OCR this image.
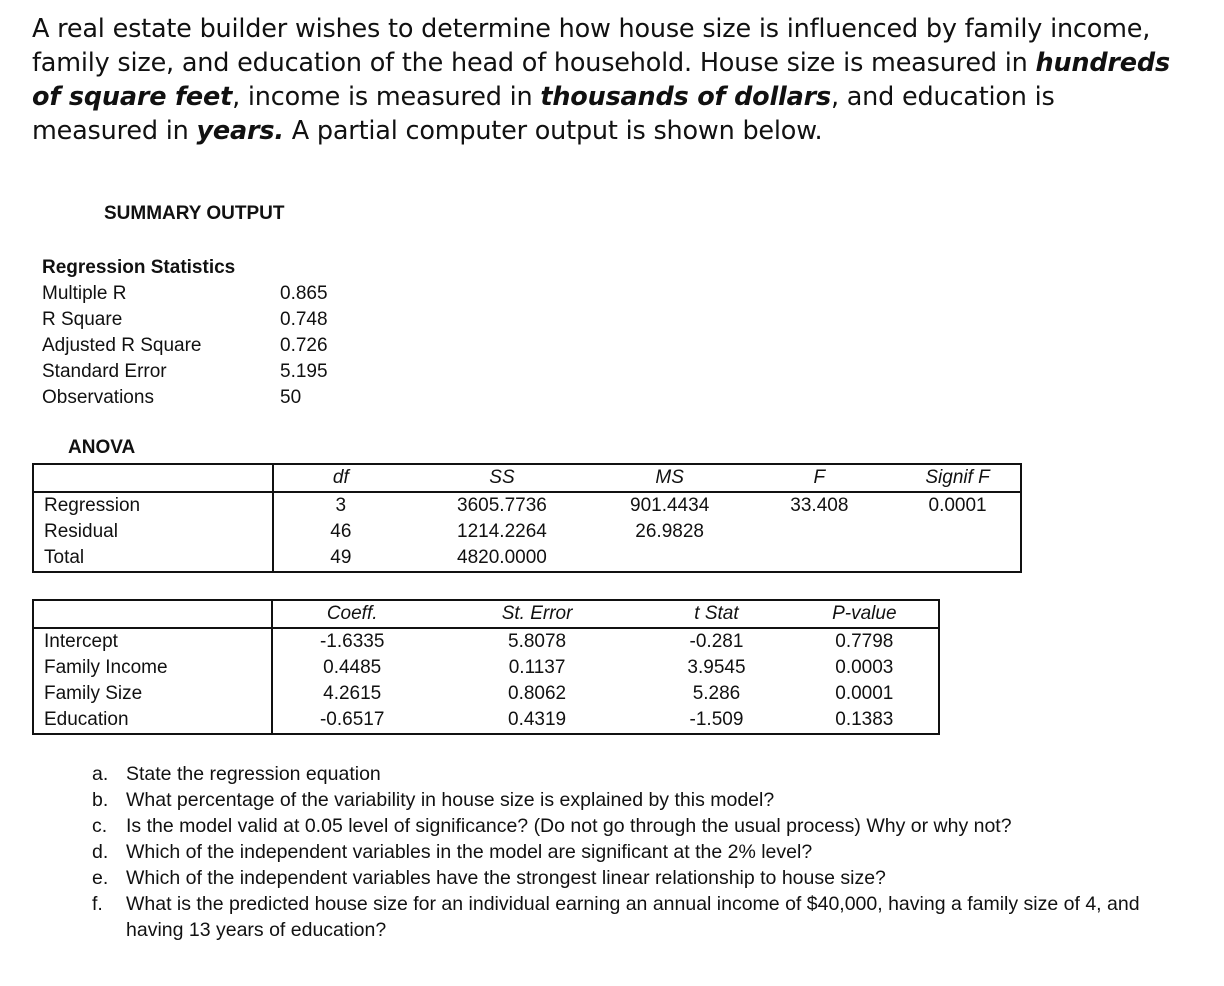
A real estate builder wishes to determine how house size is influenced by family income, family size, and education of the head of household. House size is measured in hundreds of square feet, income is measured in thousands of dollars, and education is measured in years. A partial computer output is shown below.

SUMMARY OUTPUT
Regression Statistics
Multiple R	0.865
R Square	0.748
Adjusted R Square	0.726
Standard Error	5.195
Observations	50
ANOVA
	df	SS	MS	F	Signif F
Regression	3	3605.7736	901.4434	33.408	0.0001
Residual	46	1214.2264	26.9828		
Total	49	4820.0000			
	Coeff.	St. Error	t Stat	P-value
Intercept	-1.6335	5.8078	-0.281	0.7798
Family Income	0.4485	0.1137	3.9545	0.0003
Family Size	4.2615	0.8062	5.286	0.0001
Education	-0.6517	0.4319	-1.509	0.1383
a. State the regression equation
b. What percentage of the variability in house size is explained by this model?
c. Is the model valid at 0.05 level of significance? (Do not go through the usual process) Why or why not?
d. Which of the independent variables in the model are significant at the 2% level?
e. Which of the independent variables have the strongest linear relationship to house size?
f. What is the predicted house size for an individual earning an annual income of $40,000, having a family size of 4, and having 13 years of education?
